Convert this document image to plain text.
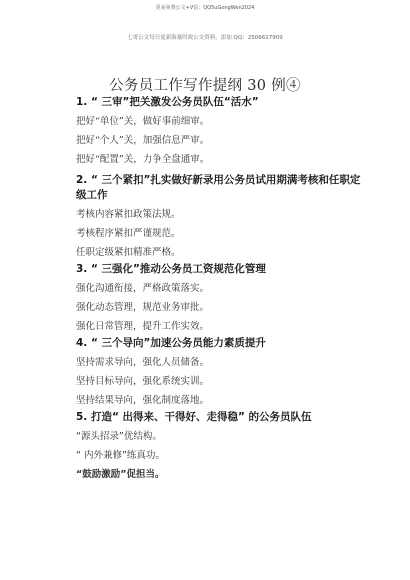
更多免费公文+V信：QQ5uGongWen2024
七哥公文每日更新海量时政公文资料，添加 QQ：2506617909
公务员工作写作提纲 30 例④

1. “ 三审”把关激发公务员队伍“活水”

把好“单位”关，做好事前细审。

把好“个人”关，加强信息严审。

把好“配置”关，力争全盘通审。

2. “ 三个紧扣”扎实做好新录用公务员试用期满考核和任职定级工作

考核内容紧扣政策法规。

考核程序紧扣严谨规范。

任职定级紧扣精准严格。

3. “ 三强化”推动公务员工资规范化管理

强化沟通衔接，严格政策落实。

强化动态管理，规范业务审批。

强化日常管理，提升工作实效。

4. “ 三个导向”加速公务员能力素质提升

坚持需求导向，强化人员储备。

坚持目标导向，强化系统实训。

坚持结果导向，强化制度落地。

5. 打造“ 出得来、干得好、走得稳” 的公务员队伍

“源头招录”优结构。

“ 内外兼修”练真功。

“鼓励激励”促担当。
